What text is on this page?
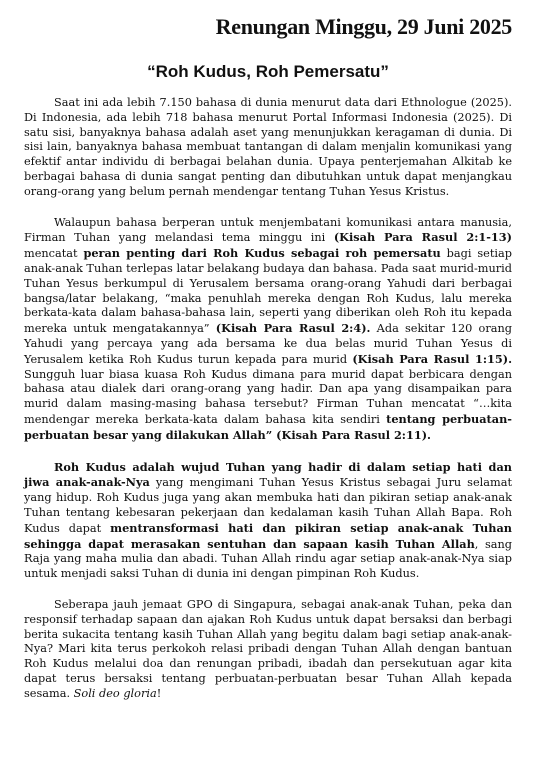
Renungan Minggu, 29 Juni 2025
“Roh Kudus, Roh Pemersatu”

Saat ini ada lebih 7.150 bahasa di dunia menurut data dari Ethnologue (2025). Di Indonesia, ada lebih 718 bahasa menurut Portal Informasi Indonesia (2025). Di satu sisi, banyaknya bahasa adalah aset yang menunjukkan keragaman di dunia. Di sisi lain, banyaknya bahasa membuat tantangan di dalam menjalin komunikasi yang efektif antar individu di berbagai belahan dunia. Upaya penterjemahan Alkitab ke berbagai bahasa di dunia sangat penting dan dibutuhkan untuk dapat menjangkau orang-orang yang belum pernah mendengar tentang Tuhan Yesus Kristus.

Walaupun bahasa berperan untuk menjembatani komunikasi antara manusia, Firman Tuhan yang melandasi tema minggu ini (Kisah Para Rasul 2:1-13) mencatat peran penting dari Roh Kudus sebagai roh pemersatu bagi setiap anak-anak Tuhan terlepas latar belakang budaya dan bahasa. Pada saat murid-murid Tuhan Yesus berkumpul di Yerusalem bersama orang-orang Yahudi dari berbagai bangsa/latar belakang, “maka penuhlah mereka dengan Roh Kudus, lalu mereka berkata-kata dalam bahasa-bahasa lain, seperti yang diberikan oleh Roh itu kepada mereka untuk mengatakannya” (Kisah Para Rasul 2:4). Ada sekitar 120 orang Yahudi yang percaya yang ada bersama ke dua belas murid Tuhan Yesus di Yerusalem ketika Roh Kudus turun kepada para murid (Kisah Para Rasul 1:15). Sungguh luar biasa kuasa Roh Kudus dimana para murid dapat berbicara dengan bahasa atau dialek dari orang-orang yang hadir. Dan apa yang disampaikan para murid dalam masing-masing bahasa tersebut? Firman Tuhan mencatat “…kita mendengar mereka berkata-kata dalam bahasa kita sendiri tentang perbuatan-perbuatan besar yang dilakukan Allah” (Kisah Para Rasul 2:11).

Roh Kudus adalah wujud Tuhan yang hadir di dalam setiap hati dan jiwa anak-anak-Nya yang mengimani Tuhan Yesus Kristus sebagai Juru selamat yang hidup. Roh Kudus juga yang akan membuka hati dan pikiran setiap anak-anak Tuhan tentang kebesaran pekerjaan dan kedalaman kasih Tuhan Allah Bapa. Roh Kudus dapat mentransformasi hati dan pikiran setiap anak-anak Tuhan sehingga dapat merasakan sentuhan dan sapaan kasih Tuhan Allah, sang Raja yang maha mulia dan abadi. Tuhan Allah rindu agar setiap anak-anak-Nya siap untuk menjadi saksi Tuhan di dunia ini dengan pimpinan Roh Kudus.

Seberapa jauh jemaat GPO di Singapura, sebagai anak-anak Tuhan, peka dan responsif terhadap sapaan dan ajakan Roh Kudus untuk dapat bersaksi dan berbagi berita sukacita tentang kasih Tuhan Allah yang begitu dalam bagi setiap anak-anak-Nya? Mari kita terus perkokoh relasi pribadi dengan Tuhan Allah dengan bantuan Roh Kudus melalui doa dan renungan pribadi, ibadah dan persekutuan agar kita dapat terus bersaksi tentang perbuatan-perbuatan besar Tuhan Allah kepada sesama. Soli deo gloria!
